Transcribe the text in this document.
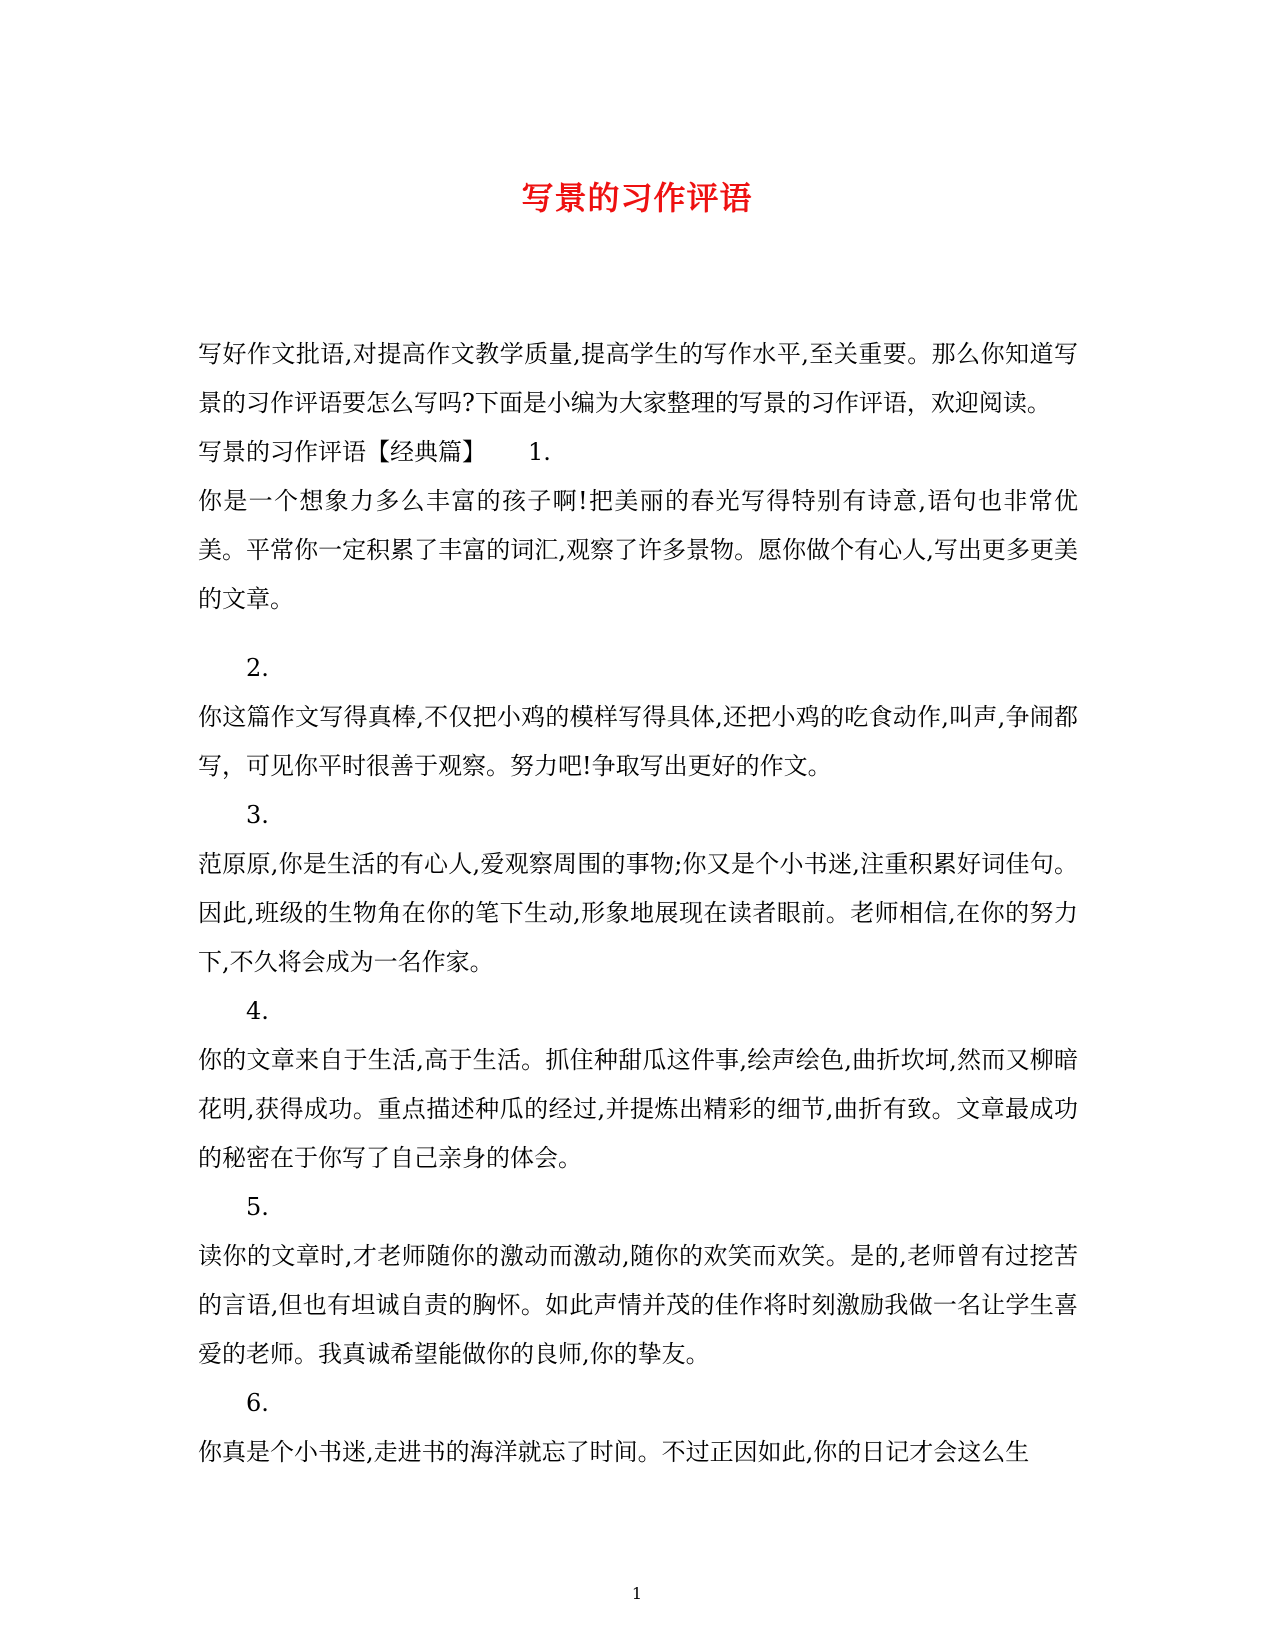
写景的习作评语

写好作文批语,对提高作文教学质量,提高学生的写作水平,至关重要。那么你知道写景的习作评语要怎么写吗?下面是小编为大家整理的写景的习作评语，欢迎阅读。

写景的习作评语【经典篇】 1.

你是一个想象力多么丰富的孩子啊!把美丽的春光写得特别有诗意,语句也非常优美。平常你一定积累了丰富的词汇,观察了许多景物。愿你做个有心人,写出更多更美的文章。

2.

你这篇作文写得真棒,不仅把小鸡的模样写得具体,还把小鸡的吃食动作,叫声,争闹都写，可见你平时很善于观察。努力吧!争取写出更好的作文。

3.

范原原,你是生活的有心人,爱观察周围的事物;你又是个小书迷,注重积累好词佳句。因此,班级的生物角在你的笔下生动,形象地展现在读者眼前。老师相信,在你的努力下,不久将会成为一名作家。

4.

你的文章来自于生活,高于生活。抓住种甜瓜这件事,绘声绘色,曲折坎坷,然而又柳暗花明,获得成功。重点描述种瓜的经过,并提炼出精彩的细节,曲折有致。文章最成功的秘密在于你写了自己亲身的体会。

5.

读你的文章时,才老师随你的激动而激动,随你的欢笑而欢笑。是的,老师曾有过挖苦的言语,但也有坦诚自责的胸怀。如此声情并茂的佳作将时刻激励我做一名让学生喜爱的老师。我真诚希望能做你的良师,你的挚友。

6.

你真是个小书迷,走进书的海洋就忘了时间。不过正因如此,你的日记才会这么生

1
